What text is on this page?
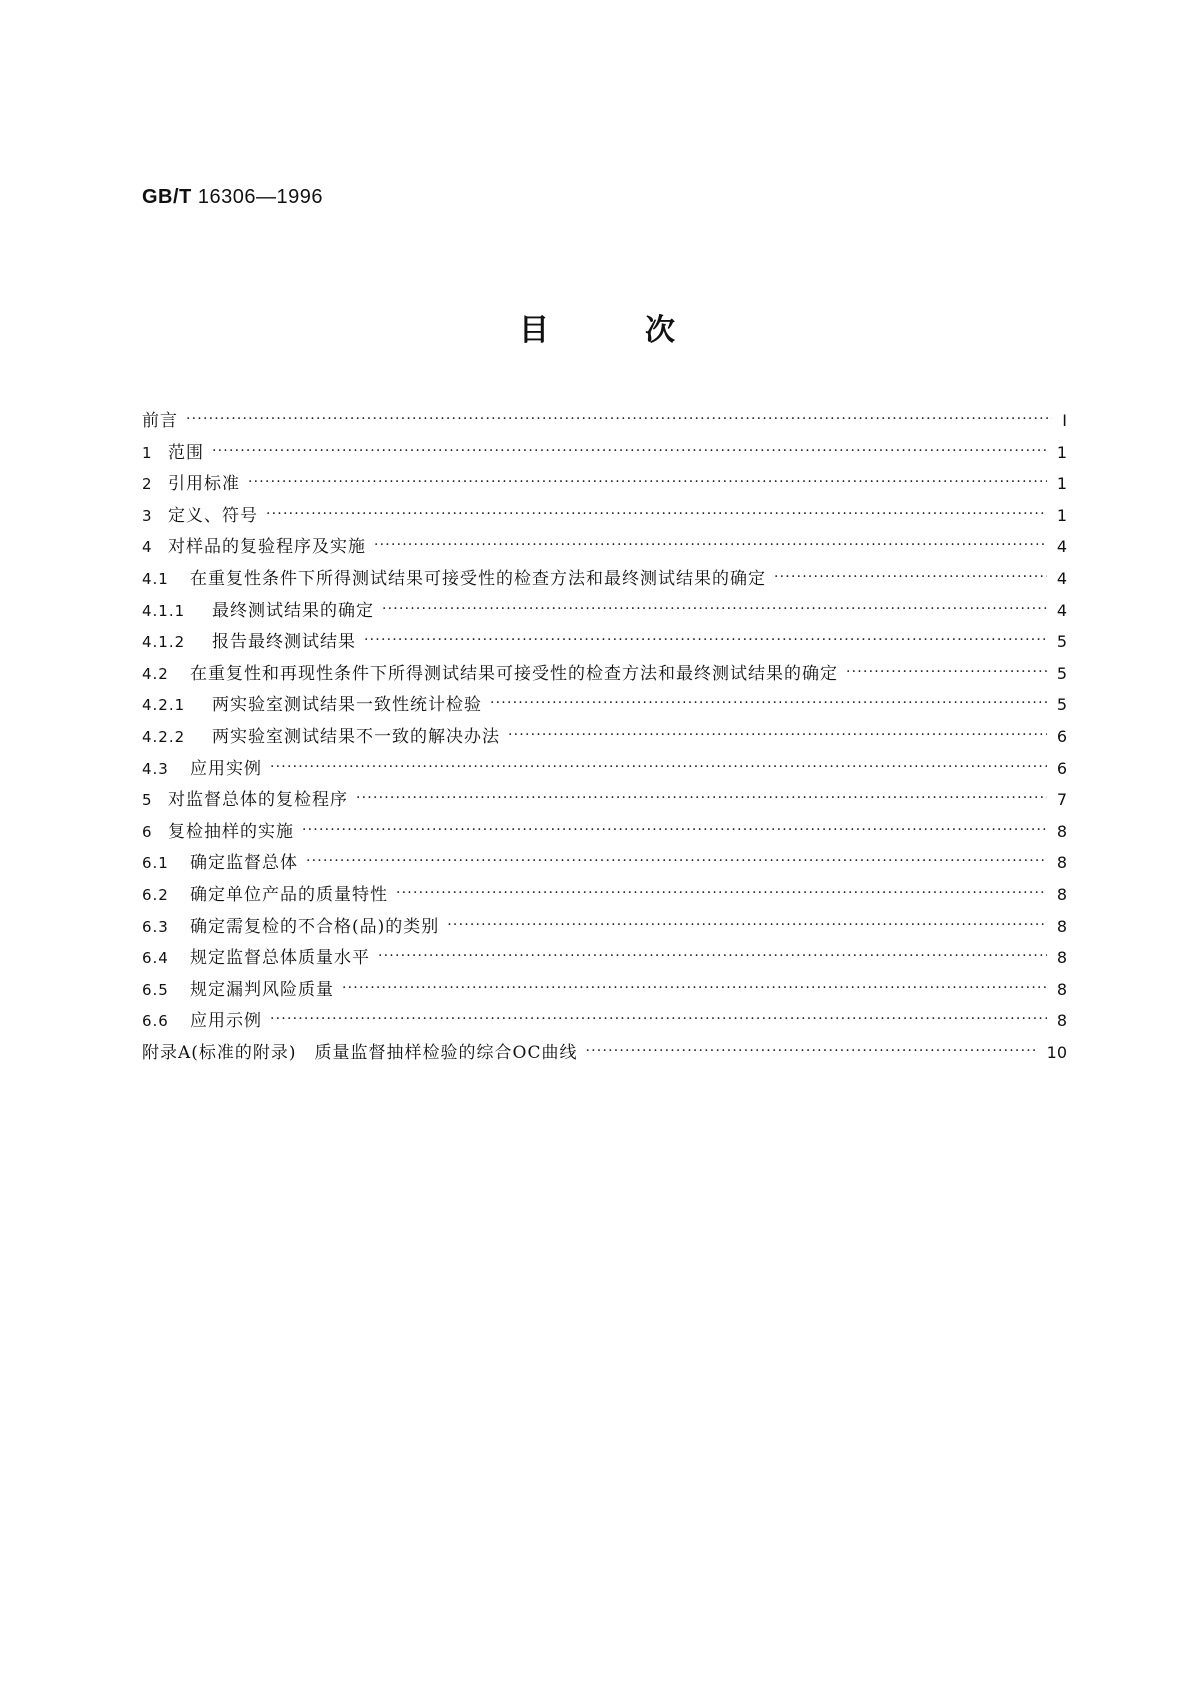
GB/T 16306—1996
目	次
前言 ·····	I
1 范围 ·····	1
2 引用标准 ·····	1
3 定义、符号 ·····	1
4 对样品的复验程序及实施 ·····	4
4.1	在重复性条件下所得测试结果可接受性的检查方法和最终测试结果的确定 ·····	4
4.1.1	最终测试结果的确定 ·····	4
4.1.2	报告最终测试结果 ·····	5
4.2	在重复性和再现性条件下所得测试结果可接受性的检查方法和最终测试结果的确定 ·····	5
4.2.1	两实验室测试结果一致性统计检验 ·····	5
4.2.2	两实验室测试结果不一致的解决办法 ·····	6
4.3	应用实例 ·····	6
5 对监督总体的复检程序 ·····	7
6 复检抽样的实施 ·····	8
6.1	确定监督总体 ·····	8
6.2	确定单位产品的质量特性 ·····	8
6.3	确定需复检的不合格(品)的类别 ·····	8
6.4	规定监督总体质量水平 ·····	8
6.5	规定漏判风险质量 ·····	8
6.6	应用示例 ·····	8
附录A(标准的附录)　质量监督抽样检验的综合OC曲线 ·····	10
